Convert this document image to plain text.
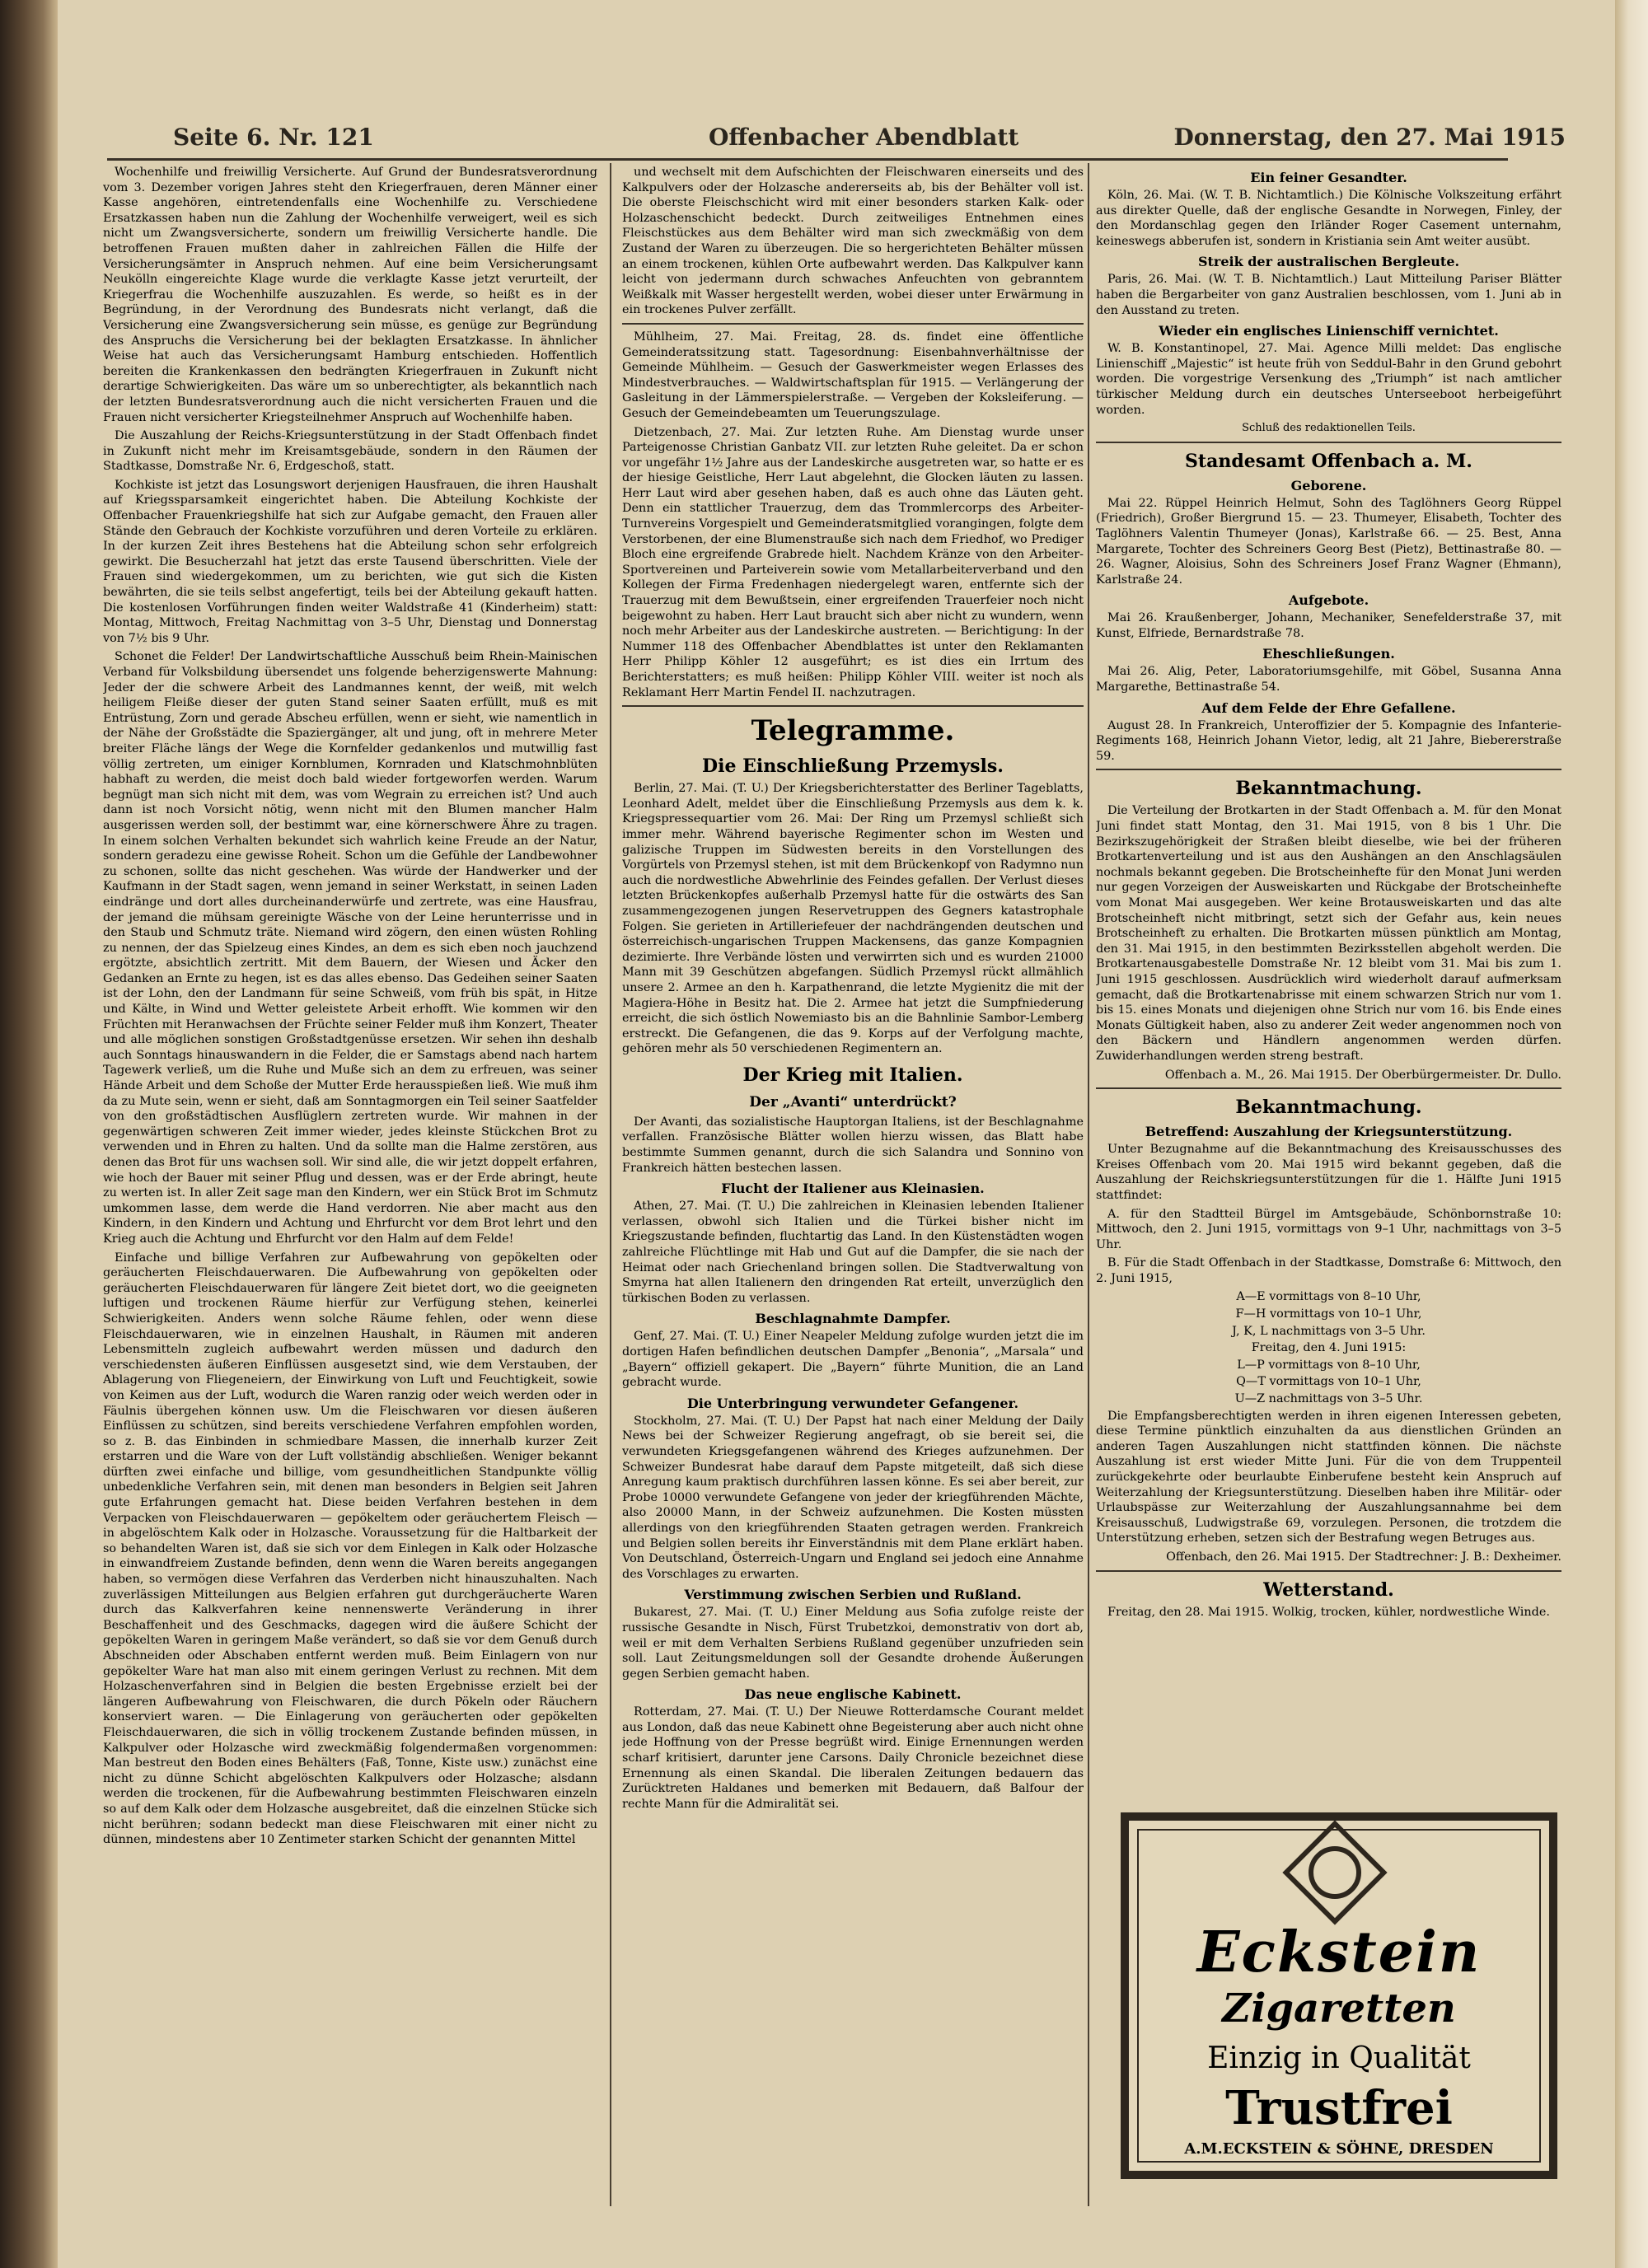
Seite 6. Nr. 121	Offenbacher Abendblatt	Donnerstag, den 27. Mai 1915

Wochenhilfe und freiwillig Versicherte. Auf Grund der Bundesratsverordnung vom 3. Dezember vorigen Jahres steht den Kriegerfrauen, deren Männer einer Kasse angehören, eintretendenfalls eine Wochenhilfe zu. Verschiedene Ersatzkassen haben nun die Zahlung der Wochenhilfe verweigert, weil es sich nicht um Zwangsversicherte, sondern um freiwillig Versicherte handle. Die betroffenen Frauen mußten daher in zahlreichen Fällen die Hilfe der Versicherungsämter in Anspruch nehmen. Auf eine beim Versicherungsamt Neukölln eingereichte Klage wurde die verklagte Kasse jetzt verurteilt, der Kriegerfrau die Wochenhilfe auszuzahlen. Es werde, so heißt es in der Begründung, in der Verordnung des Bundesrats nicht verlangt, daß die Versicherung eine Zwangsversicherung sein müsse, es genüge zur Begründung des Anspruchs die Versicherung bei der beklagten Ersatzkasse. In ähnlicher Weise hat auch das Versicherungsamt Hamburg entschieden. Hoffentlich bereiten die Krankenkassen den bedrängten Kriegerfrauen in Zukunft nicht derartige Schwierigkeiten. Das wäre um so unberechtigter, als bekanntlich nach der letzten Bundesratsverordnung auch die nicht versicherten Frauen und die Frauen nicht versicherter Kriegsteilnehmer Anspruch auf Wochenhilfe haben.

Die Auszahlung der Reichs-Kriegsunterstützung in der Stadt Offenbach findet in Zukunft nicht mehr im Kreisamtsgebäude, sondern in den Räumen der Stadtkasse, Domstraße Nr. 6, Erdgeschoß, statt.

Kochkiste ist jetzt das Losungswort derjenigen Hausfrauen, die ihren Haushalt auf Kriegssparsamkeit eingerichtet haben. Die Abteilung Kochkiste der Offenbacher Frauenkriegshilfe hat sich zur Aufgabe gemacht, den Frauen aller Stände den Gebrauch der Kochkiste vorzuführen und deren Vorteile zu erklären. In der kurzen Zeit ihres Bestehens hat die Abteilung schon sehr erfolgreich gewirkt. Die Besucherzahl hat jetzt das erste Tausend überschritten. Viele der Frauen sind wiedergekommen, um zu berichten, wie gut sich die Kisten bewährten, die sie teils selbst angefertigt, teils bei der Abteilung gekauft hatten. Die kostenlosen Vorführungen finden weiter Waldstraße 41 (Kinderheim) statt: Montag, Mittwoch, Freitag Nachmittag von 3–5 Uhr, Dienstag und Donnerstag von 7½ bis 9 Uhr.

Schonet die Felder! Der Landwirtschaftliche Ausschuß beim Rhein-Mainischen Verband für Volksbildung übersendet uns folgende beherzigenswerte Mahnung: Jeder der die schwere Arbeit des Landmannes kennt, der weiß, mit welch heiligem Fleiße dieser der guten Stand seiner Saaten erfüllt, muß es mit Entrüstung, Zorn und gerade Abscheu erfüllen, wenn er sieht, wie namentlich in der Nähe der Großstädte die Spaziergänger, alt und jung, oft in mehrere Meter breiter Fläche längs der Wege die Kornfelder gedankenlos und mutwillig fast völlig zertreten, um einiger Kornblumen, Kornraden und Klatschmohnblüten habhaft zu werden, die meist doch bald wieder fortgeworfen werden. Warum begnügt man sich nicht mit dem, was vom Wegrain zu erreichen ist? Und auch dann ist noch Vorsicht nötig, wenn nicht mit den Blumen mancher Halm ausgerissen werden soll, der bestimmt war, eine körnerschwere Ähre zu tragen. In einem solchen Verhalten bekundet sich wahrlich keine Freude an der Natur, sondern geradezu eine gewisse Roheit. Schon um die Gefühle der Landbewohner zu schonen, sollte das nicht geschehen. Was würde der Handwerker und der Kaufmann in der Stadt sagen, wenn jemand in seiner Werkstatt, in seinen Laden eindränge und dort alles durcheinanderwürfe und zertrete, was eine Hausfrau, der jemand die mühsam gereinigte Wäsche von der Leine herunterrisse und in den Staub und Schmutz träte. Niemand wird zögern, den einen wüsten Rohling zu nennen, der das Spielzeug eines Kindes, an dem es sich eben noch jauchzend ergötzte, absichtlich zertritt. Mit dem Bauern, der Wiesen und Äcker den Gedanken an Ernte zu hegen, ist es das alles ebenso. Das Gedeihen seiner Saaten ist der Lohn, den der Landmann für seine Schweiß, vom früh bis spät, in Hitze und Kälte, in Wind und Wetter geleistete Arbeit erhofft. Wie kommen wir den Früchten mit Heranwachsen der Früchte seiner Felder muß ihm Konzert, Theater und alle möglichen sonstigen Großstadtgenüsse ersetzen. Wir sehen ihn deshalb auch Sonntags hinauswandern in die Felder, die er Samstags abend nach hartem Tagewerk verließ, um die Ruhe und Muße sich an dem zu erfreuen, was seiner Hände Arbeit und dem Schoße der Mutter Erde herausspießen ließ. Wie muß ihm da zu Mute sein, wenn er sieht, daß am Sonntagmorgen ein Teil seiner Saatfelder von den großstädtischen Ausflüglern zertreten wurde. Wir mahnen in der gegenwärtigen schweren Zeit immer wieder, jedes kleinste Stückchen Brot zu verwenden und in Ehren zu halten. Und da sollte man die Halme zerstören, aus denen das Brot für uns wachsen soll. Wir sind alle, die wir jetzt doppelt erfahren, wie hoch der Bauer mit seiner Pflug und dessen, was er der Erde abringt, heute zu werten ist. In aller Zeit sage man den Kindern, wer ein Stück Brot im Schmutz umkommen lasse, dem werde die Hand verdorren. Nie aber macht aus den Kindern, in den Kindern und Achtung und Ehrfurcht vor dem Brot lehrt und den Krieg auch die Achtung und Ehrfurcht vor den Halm auf dem Felde!

Einfache und billige Verfahren zur Aufbewahrung von gepökelten oder geräucherten Fleischdauerwaren. Die Aufbewahrung von gepökelten oder geräucherten Fleischdauerwaren für längere Zeit bietet dort, wo die geeigneten luftigen und trockenen Räume hierfür zur Verfügung stehen, keinerlei Schwierigkeiten. Anders wenn solche Räume fehlen, oder wenn diese Fleischdauerwaren, wie in einzelnen Haushalt, in Räumen mit anderen Lebensmitteln zugleich aufbewahrt werden müssen und dadurch den verschiedensten äußeren Einflüssen ausgesetzt sind, wie dem Verstauben, der Ablagerung von Fliegeneiern, der Einwirkung von Luft und Feuchtigkeit, sowie von Keimen aus der Luft, wodurch die Waren ranzig oder weich werden oder in Fäulnis übergehen können usw. Um die Fleischwaren vor diesen äußeren Einflüssen zu schützen, sind bereits verschiedene Verfahren empfohlen worden, so z. B. das Einbinden in schmiedbare Massen, die innerhalb kurzer Zeit erstarren und die Ware von der Luft vollständig abschließen. Weniger bekannt dürften zwei einfache und billige, vom gesundheitlichen Standpunkte völlig unbedenkliche Verfahren sein, mit denen man besonders in Belgien seit Jahren gute Erfahrungen gemacht hat. Diese beiden Verfahren bestehen in dem Verpacken von Fleischdauerwaren — gepökeltem oder geräuchertem Fleisch — in abgelöschtem Kalk oder in Holzasche. Voraussetzung für die Haltbarkeit der so behandelten Waren ist, daß sie sich vor dem Einlegen in Kalk oder Holzasche in einwandfreiem Zustande befinden, denn wenn die Waren bereits angegangen haben, so vermögen diese Verfahren das Verderben nicht hinauszuhalten. Nach zuverlässigen Mitteilungen aus Belgien erfahren gut durchgeräucherte Waren durch das Kalkverfahren keine nennenswerte Veränderung in ihrer Beschaffenheit und des Geschmacks, dagegen wird die äußere Schicht der gepökelten Waren in geringem Maße verändert, so daß sie vor dem Genuß durch Abschneiden oder Abschaben entfernt werden muß. Beim Einlagern von nur gepökelter Ware hat man also mit einem geringen Verlust zu rechnen. Mit dem Holzaschenverfahren sind in Belgien die besten Ergebnisse erzielt bei der längeren Aufbewahrung von Fleischwaren, die durch Pökeln oder Räuchern konserviert waren. — Die Einlagerung von geräucherten oder gepökelten Fleischdauerwaren, die sich in völlig trockenem Zustande befinden müssen, in Kalkpulver oder Holzasche wird zweckmäßig folgendermaßen vorgenommen: Man bestreut den Boden eines Behälters (Faß, Tonne, Kiste usw.) zunächst eine nicht zu dünne Schicht abgelöschten Kalkpulvers oder Holzasche; alsdann werden die trockenen, für die Aufbewahrung bestimmten Fleischwaren einzeln so auf dem Kalk oder dem Holzasche ausgebreitet, daß die einzelnen Stücke sich nicht berühren; sodann bedeckt man diese Fleischwaren mit einer nicht zu dünnen, mindestens aber 10 Zentimeter starken Schicht der genannten Mittel

und wechselt mit dem Aufschichten der Fleischwaren einerseits und des Kalkpulvers oder der Holzasche andererseits ab, bis der Behälter voll ist. Die oberste Fleischschicht wird mit einer besonders starken Kalk- oder Holzaschenschicht bedeckt. Durch zeitweiliges Entnehmen eines Fleischstückes aus dem Behälter wird man sich zweckmäßig von dem Zustand der Waren zu überzeugen. Die so hergerichteten Behälter müssen an einem trockenen, kühlen Orte aufbewahrt werden. Das Kalkpulver kann leicht von jedermann durch schwaches Anfeuchten von gebranntem Weißkalk mit Wasser hergestellt werden, wobei dieser unter Erwärmung in ein trockenes Pulver zerfällt.

Mühlheim, 27. Mai. Freitag, 28. ds. findet eine öffentliche Gemeinderatssitzung statt. Tagesordnung: Eisenbahnverhältnisse der Gemeinde Mühlheim. — Gesuch der Gaswerkmeister wegen Erlasses des Mindestverbrauches. — Waldwirtschaftsplan für 1915. — Verlängerung der Gasleitung in der Lämmerspielerstraße. — Vergeben der Koksleiferung. — Gesuch der Gemeindebeamten um Teuerungszulage.

Dietzenbach, 27. Mai. Zur letzten Ruhe. Am Dienstag wurde unser Parteigenosse Christian Ganbatz VII. zur letzten Ruhe geleitet. Da er schon vor ungefähr 1½ Jahre aus der Landeskirche ausgetreten war, so hatte er es der hiesige Geistliche, Herr Laut abgelehnt, die Glocken läuten zu lassen. Herr Laut wird aber gesehen haben, daß es auch ohne das Läuten geht. Denn ein stattlicher Trauerzug, dem das Trommlercorps des Arbeiter-Turnvereins Vorgespielt und Gemeinderatsmitglied vorangingen, folgte dem Verstorbenen, der eine Blumenstrauße sich nach dem Friedhof, wo Prediger Bloch eine ergreifende Grabrede hielt. Nachdem Kränze von den Arbeiter-Sportvereinen und Parteiverein sowie vom Metallarbeiterverband und den Kollegen der Firma Fredenhagen niedergelegt waren, entfernte sich der Trauerzug mit dem Bewußtsein, einer ergreifenden Trauerfeier noch nicht beigewohnt zu haben. Herr Laut braucht sich aber nicht zu wundern, wenn noch mehr Arbeiter aus der Landeskirche austreten. — Berichtigung: In der Nummer 118 des Offenbacher Abendblattes ist unter den Reklamanten Herr Philipp Köhler 12 ausgeführt; es ist dies ein Irrtum des Berichterstatters; es muß heißen: Philipp Köhler VIII. weiter ist noch als Reklamant Herr Martin Fendel II. nachzutragen.

Telegramme.
Die Einschließung Przemysls.

Berlin, 27. Mai. (T. U.) Der Kriegsberichterstatter des Berliner Tageblatts, Leonhard Adelt, meldet über die Einschließung Przemysls aus dem k. k. Kriegspressequartier vom 26. Mai: Der Ring um Przemysl schließt sich immer mehr. Während bayerische Regimenter schon im Westen und galizische Truppen im Südwesten bereits in den Vorstellungen des Vorgürtels von Przemysl stehen, ist mit dem Brückenkopf von Radymno nun auch die nordwestliche Abwehrlinie des Feindes gefallen. Der Verlust dieses letzten Brückenkopfes außerhalb Przemysl hatte für die ostwärts des San zusammengezogenen jungen Reservetruppen des Gegners katastrophale Folgen. Sie gerieten in Artilleriefeuer der nachdrängenden deutschen und österreichisch-ungarischen Truppen Mackensens, das ganze Kompagnien dezimierte. Ihre Verbände lösten und verwirrten sich und es wurden 21000 Mann mit 39 Geschützen abgefangen. Südlich Przemysl rückt allmählich unsere 2. Armee an den h. Karpathenrand, die letzte Mygienitz die mit der Magiera-Höhe in Besitz hat. Die 2. Armee hat jetzt die Sumpfniederung erreicht, die sich östlich Nowemiasto bis an die Bahnlinie Sambor-Lemberg erstreckt. Die Gefangenen, die das 9. Korps auf der Verfolgung machte, gehören mehr als 50 verschiedenen Regimentern an.

Der Krieg mit Italien.
Der „Avanti“ unterdrückt?

Der Avanti, das sozialistische Hauptorgan Italiens, ist der Beschlagnahme verfallen. Französische Blätter wollen hierzu wissen, das Blatt habe bestimmte Summen genannt, durch die sich Salandra und Sonnino von Frankreich hätten bestechen lassen.

Flucht der Italiener aus Kleinasien.

Athen, 27. Mai. (T. U.) Die zahlreichen in Kleinasien lebenden Italiener verlassen, obwohl sich Italien und die Türkei bisher nicht im Kriegszustande befinden, fluchtartig das Land. In den Küstenstädten wogen zahlreiche Flüchtlinge mit Hab und Gut auf die Dampfer, die sie nach der Heimat oder nach Griechenland bringen sollen. Die Stadtverwaltung von Smyrna hat allen Italienern den dringenden Rat erteilt, unverzüglich den türkischen Boden zu verlassen.

Beschlagnahmte Dampfer.

Genf, 27. Mai. (T. U.) Einer Neapeler Meldung zufolge wurden jetzt die im dortigen Hafen befindlichen deutschen Dampfer „Benonia“, „Marsala“ und „Bayern“ offiziell gekapert. Die „Bayern“ führte Munition, die an Land gebracht wurde.

Die Unterbringung verwundeter Gefangener.

Stockholm, 27. Mai. (T. U.) Der Papst hat nach einer Meldung der Daily News bei der Schweizer Regierung angefragt, ob sie bereit sei, die verwundeten Kriegsgefangenen während des Krieges aufzunehmen. Der Schweizer Bundesrat habe darauf dem Papste mitgeteilt, daß sich diese Anregung kaum praktisch durchführen lassen könne. Es sei aber bereit, zur Probe 10000 verwundete Gefangene von jeder der kriegführenden Mächte, also 20000 Mann, in der Schweiz aufzunehmen. Die Kosten müssten allerdings von den kriegführenden Staaten getragen werden. Frankreich und Belgien sollen bereits ihr Einverständnis mit dem Plane erklärt haben. Von Deutschland, Österreich-Ungarn und England sei jedoch eine Annahme des Vorschlages zu erwarten.

Verstimmung zwischen Serbien und Rußland.

Bukarest, 27. Mai. (T. U.) Einer Meldung aus Sofia zufolge reiste der russische Gesandte in Nisch, Fürst Trubetzkoi, demonstrativ von dort ab, weil er mit dem Verhalten Serbiens Rußland gegenüber unzufrieden sein soll. Laut Zeitungsmeldungen soll der Gesandte drohende Äußerungen gegen Serbien gemacht haben.

Das neue englische Kabinett.

Rotterdam, 27. Mai. (T. U.) Der Nieuwe Rotterdamsche Courant meldet aus London, daß das neue Kabinett ohne Begeisterung aber auch nicht ohne jede Hoffnung von der Presse begrüßt wird. Einige Ernennungen werden scharf kritisiert, darunter jene Carsons. Daily Chronicle bezeichnet diese Ernennung als einen Skandal. Die liberalen Zeitungen bedauern das Zurücktreten Haldanes und bemerken mit Bedauern, daß Balfour der rechte Mann für die Admiralität sei.

Ein feiner Gesandter.

Köln, 26. Mai. (W. T. B. Nichtamtlich.) Die Kölnische Volkszeitung erfährt aus direkter Quelle, daß der englische Gesandte in Norwegen, Finley, der den Mordanschlag gegen den Irländer Roger Casement unternahm, keineswegs abberufen ist, sondern in Kristiania sein Amt weiter ausübt.

Streik der australischen Bergleute.

Paris, 26. Mai. (W. T. B. Nichtamtlich.) Laut Mitteilung Pariser Blätter haben die Bergarbeiter von ganz Australien beschlossen, vom 1. Juni ab in den Ausstand zu treten.

Wieder ein englisches Linienschiff vernichtet.

W. B. Konstantinopel, 27. Mai. Agence Milli meldet: Das englische Linienschiff „Majestic“ ist heute früh von Seddul-Bahr in den Grund gebohrt worden. Die vorgestrige Versenkung des „Triumph“ ist nach amtlicher türkischer Meldung durch ein deutsches Unterseeboot herbeigeführt worden.

Schluß des redaktionellen Teils.
Standesamt Offenbach a. M.
Geborene.

Mai 22. Rüppel Heinrich Helmut, Sohn des Taglöhners Georg Rüppel (Friedrich), Großer Biergrund 15. — 23. Thumeyer, Elisabeth, Tochter des Taglöhners Valentin Thumeyer (Jonas), Karlstraße 66. — 25. Best, Anna Margarete, Tochter des Schreiners Georg Best (Pietz), Bettinastraße 80. — 26. Wagner, Aloisius, Sohn des Schreiners Josef Franz Wagner (Ehmann), Karlstraße 24.

Aufgebote.

Mai 26. Kraußenberger, Johann, Mechaniker, Senefelderstraße 37, mit Kunst, Elfriede, Bernardstraße 78.

Eheschließungen.

Mai 26. Alig, Peter, Laboratoriumsgehilfe, mit Göbel, Susanna Anna Margarethe, Bettinastraße 54.

Auf dem Felde der Ehre Gefallene.

August 28. In Frankreich, Unteroffizier der 5. Kompagnie des Infanterie-Regiments 168, Heinrich Johann Vietor, ledig, alt 21 Jahre, Biebererstraße 59.

Bekanntmachung.

Die Verteilung der Brotkarten in der Stadt Offenbach a. M. für den Monat Juni findet statt Montag, den 31. Mai 1915, von 8 bis 1 Uhr. Die Bezirkszugehörigkeit der Straßen bleibt dieselbe, wie bei der früheren Brotkartenverteilung und ist aus den Aushängen an den Anschlagsäulen nochmals bekannt gegeben. Die Brotscheinhefte für den Monat Juni werden nur gegen Vorzeigen der Ausweiskarten und Rückgabe der Brotscheinhefte vom Monat Mai ausgegeben. Wer keine Brotausweiskarten und das alte Brotscheinheft nicht mitbringt, setzt sich der Gefahr aus, kein neues Brotscheinheft zu erhalten. Die Brotkarten müssen pünktlich am Montag, den 31. Mai 1915, in den bestimmten Bezirksstellen abgeholt werden. Die Brotkartenausgabestelle Domstraße Nr. 12 bleibt vom 31. Mai bis zum 1. Juni 1915 geschlossen. Ausdrücklich wird wiederholt darauf aufmerksam gemacht, daß die Brotkartenabrisse mit einem schwarzen Strich nur vom 1. bis 15. eines Monats und diejenigen ohne Strich nur vom 16. bis Ende eines Monats Gültigkeit haben, also zu anderer Zeit weder angenommen noch von den Bäckern und Händlern angenommen werden dürfen. Zuwiderhandlungen werden streng bestraft.

Offenbach a. M., 26. Mai 1915. Der Oberbürgermeister. Dr. Dullo.

Bekanntmachung.
Betreffend: Auszahlung der Kriegsunterstützung.

Unter Bezugnahme auf die Bekanntmachung des Kreisausschusses des Kreises Offenbach vom 20. Mai 1915 wird bekannt gegeben, daß die Auszahlung der Reichskriegsunterstützungen für die 1. Hälfte Juni 1915 stattfindet:

A. für den Stadtteil Bürgel im Amtsgebäude, Schönbornstraße 10: Mittwoch, den 2. Juni 1915, vormittags von 9–1 Uhr, nachmittags von 3–5 Uhr.

B. Für die Stadt Offenbach in der Stadtkasse, Domstraße 6: Mittwoch, den 2. Juni 1915,

A—E vormittags von 8–10 Uhr,
F—H vormittags von 10–1 Uhr,
J, K, L nachmittags von 3–5 Uhr.
Freitag, den 4. Juni 1915:
L—P vormittags von 8–10 Uhr,
Q—T vormittags von 10–1 Uhr,
U—Z nachmittags von 3–5 Uhr.

Die Empfangsberechtigten werden in ihren eigenen Interessen gebeten, diese Termine pünktlich einzuhalten da aus dienstlichen Gründen an anderen Tagen Auszahlungen nicht stattfinden können. Die nächste Auszahlung ist erst wieder Mitte Juni. Für die von dem Truppenteil zurückgekehrte oder beurlaubte Einberufene besteht kein Anspruch auf Weiterzahlung der Kriegsunterstützung. Dieselben haben ihre Militär- oder Urlaubspässe zur Weiterzahlung der Auszahlungsannahme bei dem Kreisausschuß, Ludwigstraße 69, vorzulegen. Personen, die trotzdem die Unterstützung erheben, setzen sich der Bestrafung wegen Betruges aus.

Offenbach, den 26. Mai 1915. Der Stadtrechner: J. B.: Dexheimer.

Wetterstand.

Freitag, den 28. Mai 1915. Wolkig, trocken, kühler, nordwestliche Winde.

Eckstein
Zigaretten
Einzig in Qualität
Trustfrei
A.M.ECKSTEIN & SÖHNE, DRESDEN
